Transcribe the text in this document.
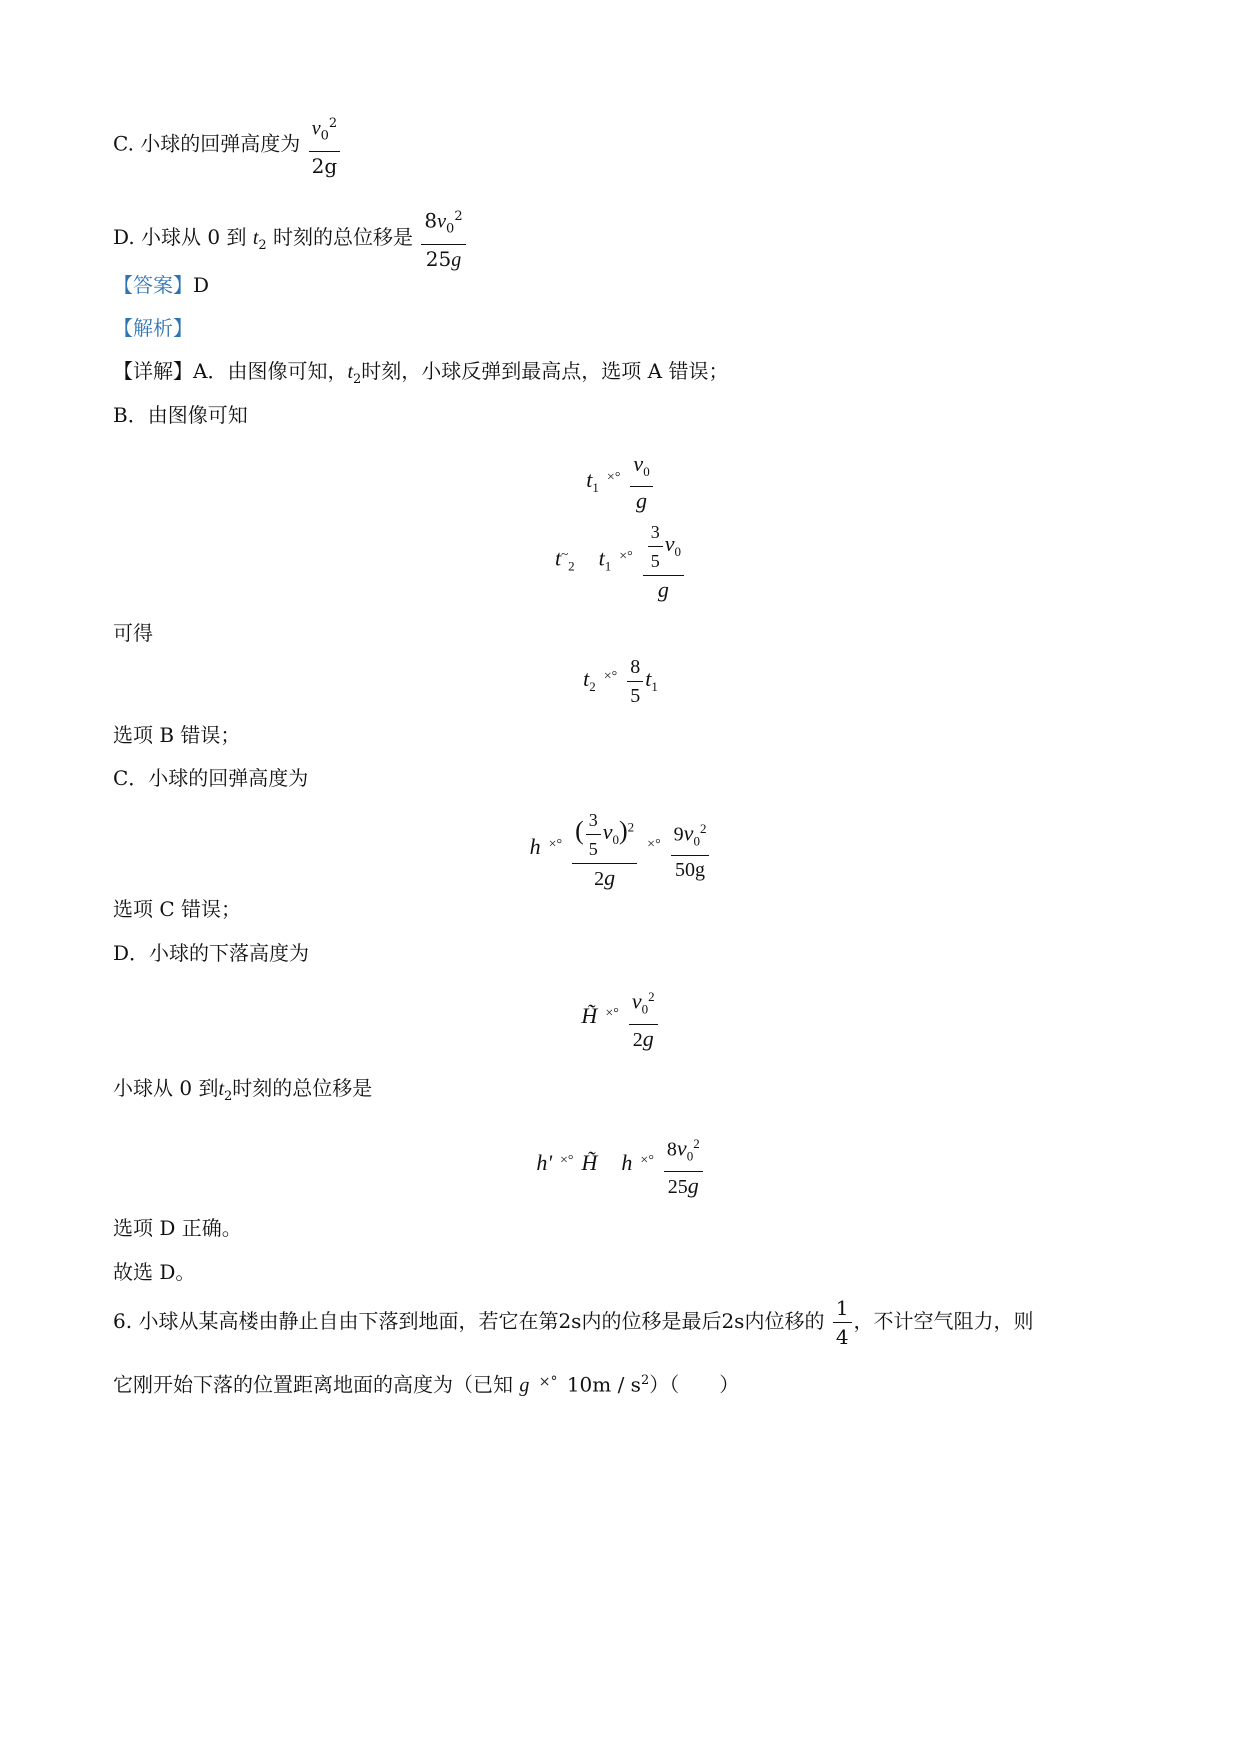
C. 小球的回弹高度为 $\frac{v_0^2}{2g}$
D. 小球从 0 到 $t_2$ 时刻的总位移是 $\frac{8v_0^2}{25g}$
【答案】D
【解析】
【详解】A．由图像可知，$t_2$时刻，小球反弹到最高点，选项 A 错误；
B．由图像可知
$t_1$ $^{\times^\circ} \frac{v_0}{g}$
$t^\sim_2$ $t_1$ $^{\times^\circ} \frac{\frac{3}{5} v_0}{g}$
可得
$t_2$ $^{\times^\circ} \frac{8}{5} t_1$
选项 B 错误；
C．小球的回弹高度为
h $^{\times^\circ} \frac{( \frac{3}{5} v_0)^2}{2g} ^{\times^\circ} \frac{9v_0^2}{50g}$
选项 C 错误；
D．小球的下落高度为
H̃ $^{\times^\circ} \frac{v_0^2}{2g}$
小球从 0 到$t_2$时刻的总位移是
h' ×° H̃ h $^{\times^\circ} \frac{8v_0^2}{25g}$
选项 D 正确。
故选 D。
6. 小球从某高楼由静止自由下落到地面，若它在第2s内的位移是最后2s内位移的 $\frac{1}{4}$ ，不计空气阻力，则
它刚开始下落的位置距离地面的高度为（已知 g ×° $10m / s^2$）（　　）
